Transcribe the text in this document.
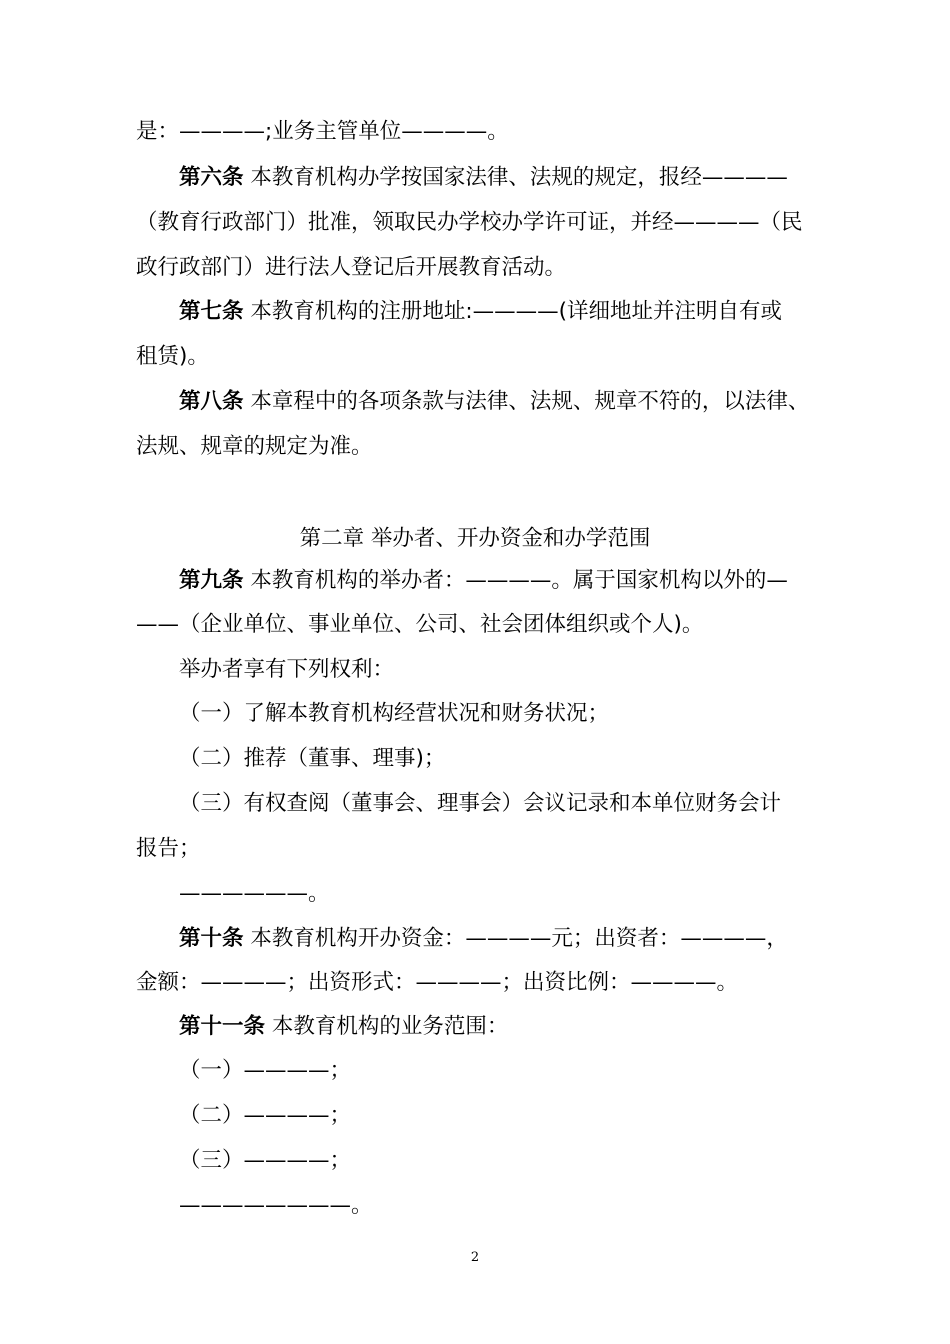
是：————;业务主管单位————。

第六条 本教育机构办学按国家法律、法规的规定，报经————

（教育行政部门）批准，领取民办学校办学许可证，并经————（民

政行政部门）进行法人登记后开展教育活动。

第七条 本教育机构的注册地址:————(详细地址并注明自有或

租赁)。

第八条 本章程中的各项条款与法律、法规、规章不符的，以法律、

法规、规章的规定为准。

第二章 举办者、开办资金和办学范围

第九条 本教育机构的举办者：————。属于国家机构以外的—

——（企业单位、事业单位、公司、社会团体组织或个人)。

举办者享有下列权利：

（一）了解本教育机构经营状况和财务状况；

（二）推荐（董事、理事)；

（三）有权查阅（董事会、理事会）会议记录和本单位财务会计

报告；

——————。

第十条 本教育机构开办资金：————元；出资者：————，

金额：————；出资形式：————；出资比例：————。

第十一条 本教育机构的业务范围：

（一）————；

（二）————；

（三）————；

————————。

2
